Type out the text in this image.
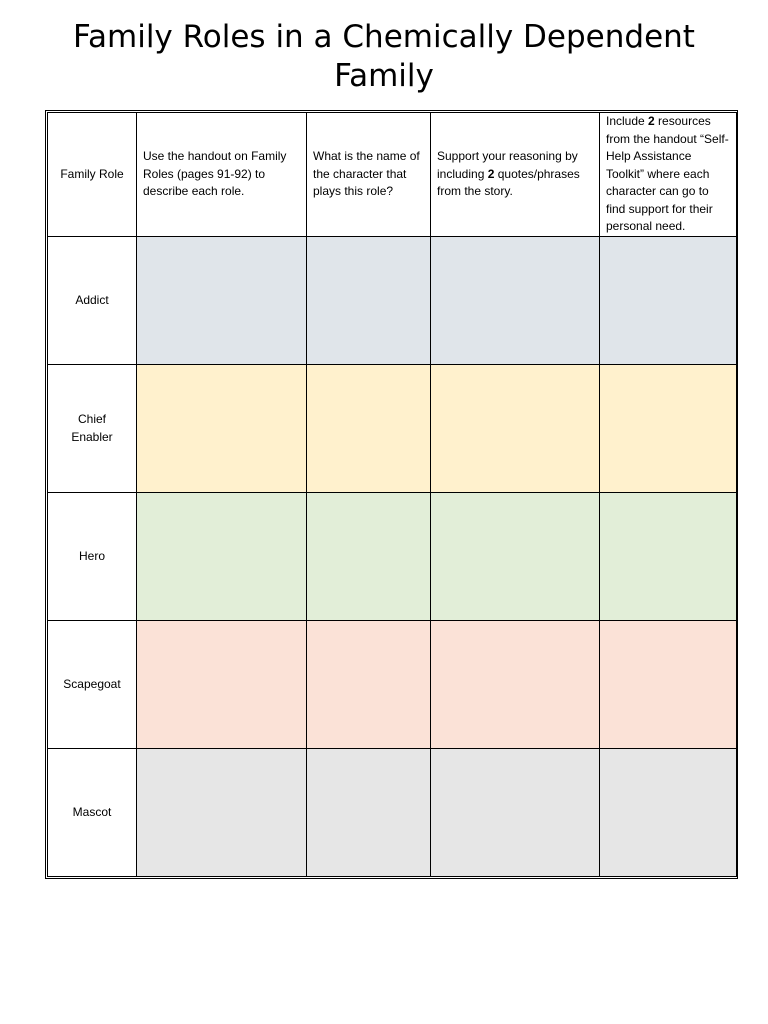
Family Roles in a Chemically Dependent
Family
Family Role	Use the handout on Family Roles (pages 91-92) to describe each role.	What is the name of the character that plays this role?	Support your reasoning by including 2 quotes/phrases from the story.	Include 2 resources from the handout “Self-Help Assistance Toolkit” where each character can go to find support for their personal need.

Addict				

Chief
Enabler				

Hero				

Scapegoat				

Mascot				
